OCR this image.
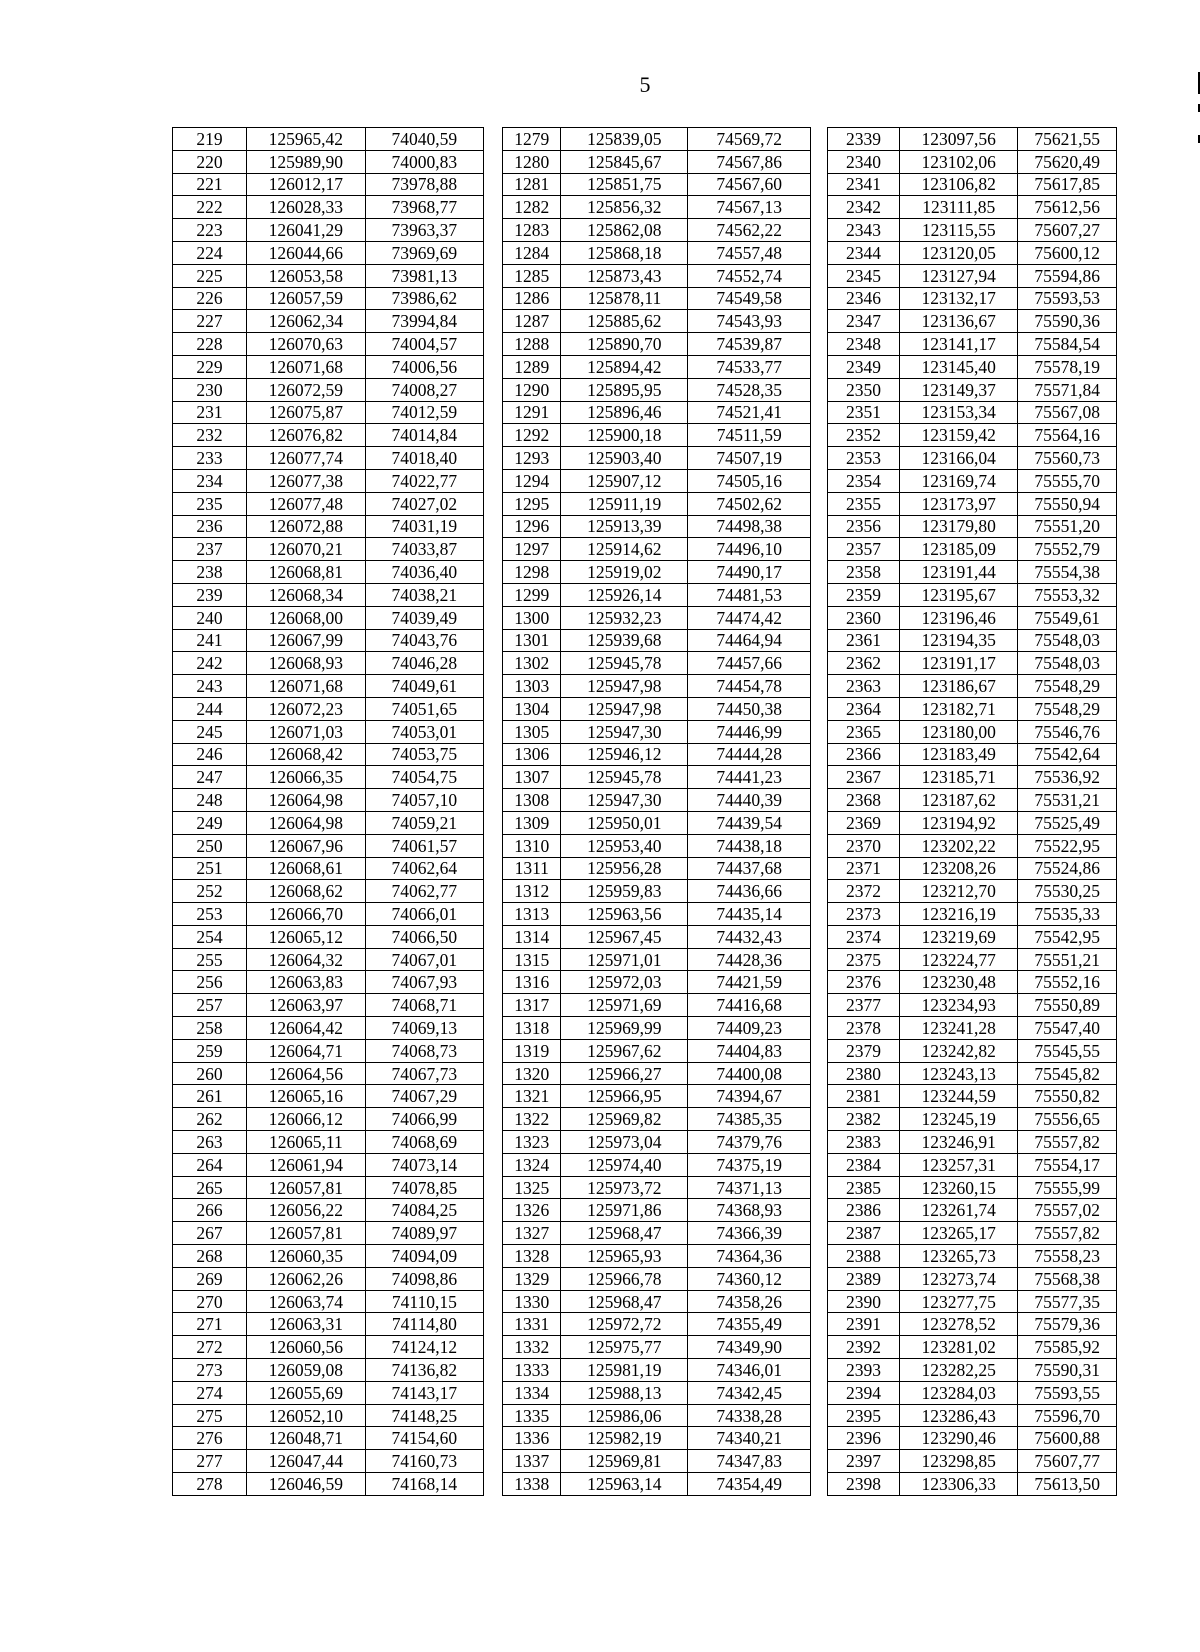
5
219	125965,42	74040,59		1279	125839,05	74569,72		2339	123097,56	75621,55
220	125989,90	74000,83		1280	125845,67	74567,86		2340	123102,06	75620,49
221	126012,17	73978,88		1281	125851,75	74567,60		2341	123106,82	75617,85
222	126028,33	73968,77		1282	125856,32	74567,13		2342	123111,85	75612,56
223	126041,29	73963,37		1283	125862,08	74562,22		2343	123115,55	75607,27
224	126044,66	73969,69		1284	125868,18	74557,48		2344	123120,05	75600,12
225	126053,58	73981,13		1285	125873,43	74552,74		2345	123127,94	75594,86
226	126057,59	73986,62		1286	125878,11	74549,58		2346	123132,17	75593,53
227	126062,34	73994,84		1287	125885,62	74543,93		2347	123136,67	75590,36
228	126070,63	74004,57		1288	125890,70	74539,87		2348	123141,17	75584,54
229	126071,68	74006,56		1289	125894,42	74533,77		2349	123145,40	75578,19
230	126072,59	74008,27		1290	125895,95	74528,35		2350	123149,37	75571,84
231	126075,87	74012,59		1291	125896,46	74521,41		2351	123153,34	75567,08
232	126076,82	74014,84		1292	125900,18	74511,59		2352	123159,42	75564,16
233	126077,74	74018,40		1293	125903,40	74507,19		2353	123166,04	75560,73
234	126077,38	74022,77		1294	125907,12	74505,16		2354	123169,74	75555,70
235	126077,48	74027,02		1295	125911,19	74502,62		2355	123173,97	75550,94
236	126072,88	74031,19		1296	125913,39	74498,38		2356	123179,80	75551,20
237	126070,21	74033,87		1297	125914,62	74496,10		2357	123185,09	75552,79
238	126068,81	74036,40		1298	125919,02	74490,17		2358	123191,44	75554,38
239	126068,34	74038,21		1299	125926,14	74481,53		2359	123195,67	75553,32
240	126068,00	74039,49		1300	125932,23	74474,42		2360	123196,46	75549,61
241	126067,99	74043,76		1301	125939,68	74464,94		2361	123194,35	75548,03
242	126068,93	74046,28		1302	125945,78	74457,66		2362	123191,17	75548,03
243	126071,68	74049,61		1303	125947,98	74454,78		2363	123186,67	75548,29
244	126072,23	74051,65		1304	125947,98	74450,38		2364	123182,71	75548,29
245	126071,03	74053,01		1305	125947,30	74446,99		2365	123180,00	75546,76
246	126068,42	74053,75		1306	125946,12	74444,28		2366	123183,49	75542,64
247	126066,35	74054,75		1307	125945,78	74441,23		2367	123185,71	75536,92
248	126064,98	74057,10		1308	125947,30	74440,39		2368	123187,62	75531,21
249	126064,98	74059,21		1309	125950,01	74439,54		2369	123194,92	75525,49
250	126067,96	74061,57		1310	125953,40	74438,18		2370	123202,22	75522,95
251	126068,61	74062,64		1311	125956,28	74437,68		2371	123208,26	75524,86
252	126068,62	74062,77		1312	125959,83	74436,66		2372	123212,70	75530,25
253	126066,70	74066,01		1313	125963,56	74435,14		2373	123216,19	75535,33
254	126065,12	74066,50		1314	125967,45	74432,43		2374	123219,69	75542,95
255	126064,32	74067,01		1315	125971,01	74428,36		2375	123224,77	75551,21
256	126063,83	74067,93		1316	125972,03	74421,59		2376	123230,48	75552,16
257	126063,97	74068,71		1317	125971,69	74416,68		2377	123234,93	75550,89
258	126064,42	74069,13		1318	125969,99	74409,23		2378	123241,28	75547,40
259	126064,71	74068,73		1319	125967,62	74404,83		2379	123242,82	75545,55
260	126064,56	74067,73		1320	125966,27	74400,08		2380	123243,13	75545,82
261	126065,16	74067,29		1321	125966,95	74394,67		2381	123244,59	75550,82
262	126066,12	74066,99		1322	125969,82	74385,35		2382	123245,19	75556,65
263	126065,11	74068,69		1323	125973,04	74379,76		2383	123246,91	75557,82
264	126061,94	74073,14		1324	125974,40	74375,19		2384	123257,31	75554,17
265	126057,81	74078,85		1325	125973,72	74371,13		2385	123260,15	75555,99
266	126056,22	74084,25		1326	125971,86	74368,93		2386	123261,74	75557,02
267	126057,81	74089,97		1327	125968,47	74366,39		2387	123265,17	75557,82
268	126060,35	74094,09		1328	125965,93	74364,36		2388	123265,73	75558,23
269	126062,26	74098,86		1329	125966,78	74360,12		2389	123273,74	75568,38
270	126063,74	74110,15		1330	125968,47	74358,26		2390	123277,75	75577,35
271	126063,31	74114,80		1331	125972,72	74355,49		2391	123278,52	75579,36
272	126060,56	74124,12		1332	125975,77	74349,90		2392	123281,02	75585,92
273	126059,08	74136,82		1333	125981,19	74346,01		2393	123282,25	75590,31
274	126055,69	74143,17		1334	125988,13	74342,45		2394	123284,03	75593,55
275	126052,10	74148,25		1335	125986,06	74338,28		2395	123286,43	75596,70
276	126048,71	74154,60		1336	125982,19	74340,21		2396	123290,46	75600,88
277	126047,44	74160,73		1337	125969,81	74347,83		2397	123298,85	75607,77
278	126046,59	74168,14		1338	125963,14	74354,49		2398	123306,33	75613,50
